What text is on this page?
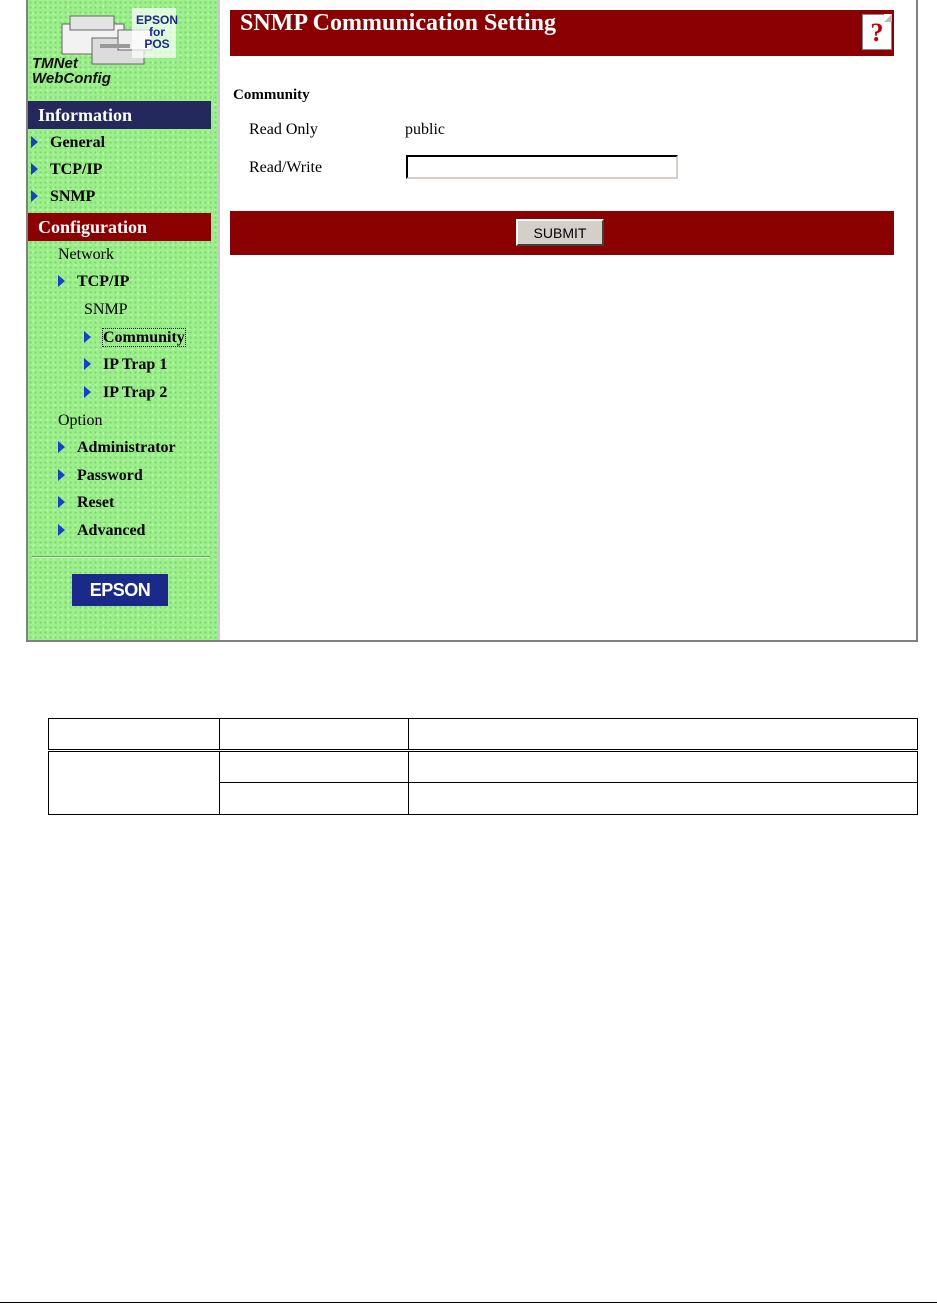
EPSON for POS
TMNet WebConfig
Information
General
TCP/IP
SNMP
Configuration
Network
TCP/IP
SNMP
Community
IP Trap 1
IP Trap 2
Option
Administrator
Password
Reset
Advanced
EPSON
SNMP Communication Setting	?
Community
Read Only	public
Read/Write
SUBMIT
